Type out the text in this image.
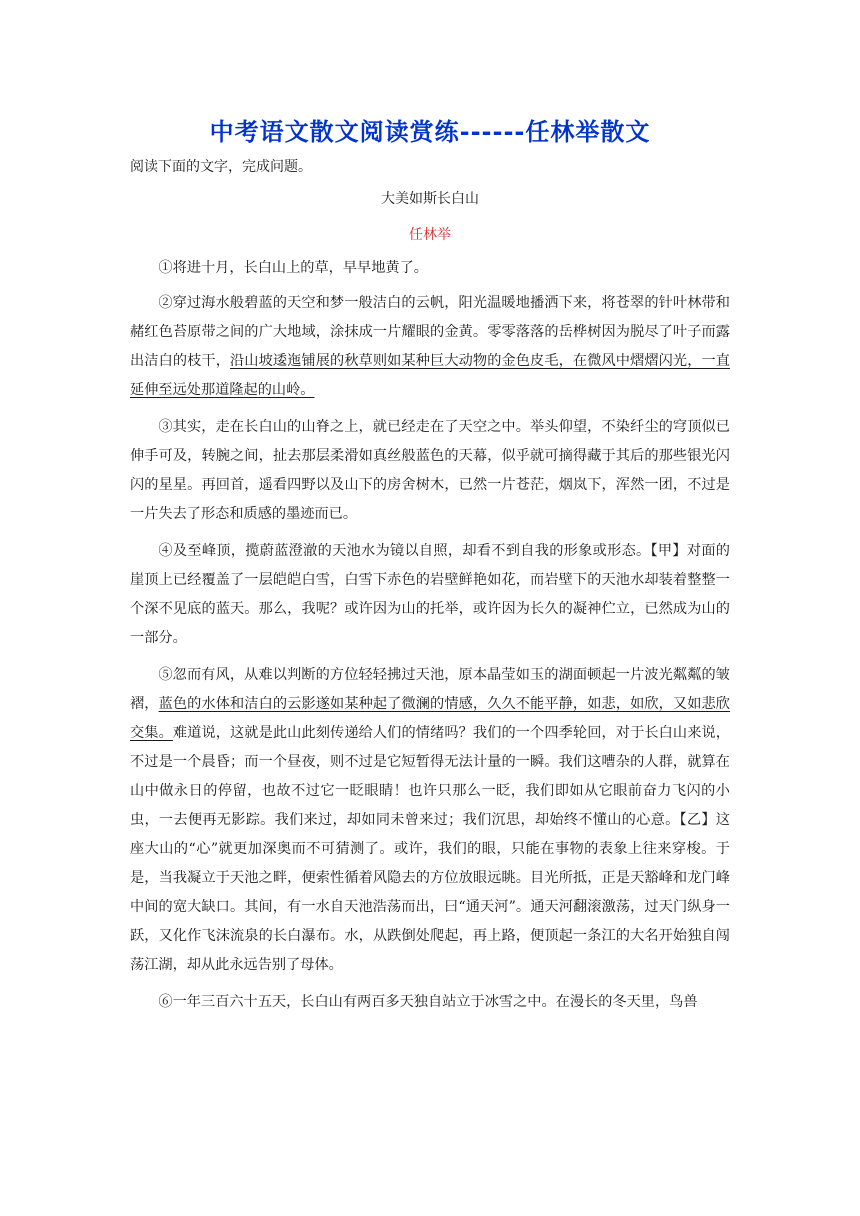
中考语文散文阅读赏练------任林举散文

阅读下面的文字，完成问题。

大美如斯长白山

任林举

①将进十月，长白山上的草，早早地黄了。

②穿过海水般碧蓝的天空和梦一般洁白的云帆，阳光温暖地播洒下来，将苍翠的针叶林带和赭红色苔原带之间的广大地域，涂抹成一片耀眼的金黄。零零落落的岳桦树因为脱尽了叶子而露出洁白的枝干，沿山坡逶迤铺展的秋草则如某种巨大动物的金色皮毛，在微风中熠熠闪光，一直延伸至远处那道隆起的山岭。

③其实，走在长白山的山脊之上，就已经走在了天空之中。举头仰望，不染纤尘的穹顶似已伸手可及，转腕之间，扯去那层柔滑如真丝般蓝色的天幕，似乎就可摘得藏于其后的那些银光闪闪的星星。再回首，遥看四野以及山下的房舍树木，已然一片苍茫，烟岚下，浑然一团，不过是一片失去了形态和质感的墨迹而已。

④及至峰顶，揽蔚蓝澄澈的天池水为镜以自照，却看不到自我的形象或形态。【甲】对面的崖顶上已经覆盖了一层皑皑白雪，白雪下赤色的岩壁鲜艳如花，而岩壁下的天池水却装着整整一个深不见底的蓝天。那么，我呢？或许因为山的托举，或许因为长久的凝神伫立，已然成为山的一部分。

⑤忽而有风，从难以判断的方位轻轻拂过天池，原本晶莹如玉的湖面顿起一片波光粼粼的皱褶，蓝色的水体和洁白的云影遂如某种起了微澜的情感，久久不能平静，如悲，如欣，又如悲欣交集。难道说，这就是此山此刻传递给人们的情绪吗？我们的一个四季轮回，对于长白山来说，不过是一个晨昏；而一个昼夜，则不过是它短暂得无法计量的一瞬。我们这嘈杂的人群，就算在山中做永日的停留，也故不过它一眨眼睛！也许只那么一眨，我们即如从它眼前奋力飞闪的小虫，一去便再无影踪。我们来过，却如同未曾来过；我们沉思，却始终不懂山的心意。【乙】这座大山的“心”就更加深奥而不可猜测了。或许，我们的眼，只能在事物的表象上往来穿梭。于是，当我凝立于天池之畔，便索性循着风隐去的方位放眼远眺。目光所抵，正是天豁峰和龙门峰中间的宽大缺口。其间，有一水自天池浩荡而出，曰“通天河”。通天河翻滚激荡，过天门纵身一跃，又化作飞沫流泉的长白瀑布。水，从跌倒处爬起，再上路，便顶起一条江的大名开始独自闯荡江湖，却从此永远告别了母体。

⑥一年三百六十五天，长白山有两百多天独自站立于冰雪之中。在漫长的冬天里，鸟兽
